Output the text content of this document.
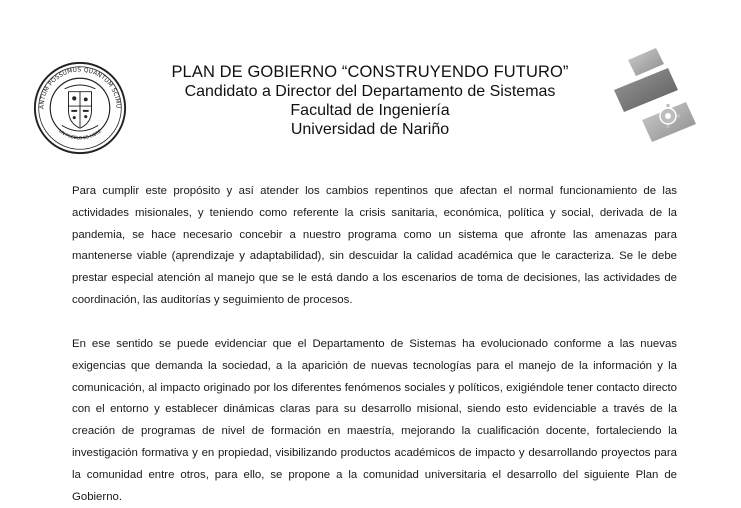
ANTUM POSSUMUS QUANTUM SCIMU
UN PUEBLO ES LIBRE
PLAN DE GOBIERNO “CONSTRUYENDO FUTURO”
Candidato a Director del Departamento de Sistemas
Facultad de Ingeniería
Universidad de Nariño
Para cumplir este propósito y así atender los cambios repentinos que afectan el normal funcionamiento de las actividades misionales, y teniendo como referente la crisis sanitaria, económica, política y social, derivada de la pandemia, se hace necesario concebir a nuestro programa como un sistema que afronte las amenazas para mantenerse viable (aprendizaje y adaptabilidad), sin descuidar la calidad académica que le caracteriza. Se le debe prestar especial atención al manejo que se le está dando a los escenarios de toma de decisiones, las actividades de coordinación, las auditorías y seguimiento de procesos.
En ese sentido se puede evidenciar que el Departamento de Sistemas ha evolucionado conforme a las nuevas exigencias que demanda la sociedad, a la aparición de nuevas tecnologías para el manejo de la información y la comunicación, al impacto originado por los diferentes fenómenos sociales y políticos, exigiéndole tener contacto directo con el entorno y establecer dinámicas claras para su desarrollo misional, siendo esto evidenciable a través de la creación de programas de nivel de formación en maestría, mejorando la cualificación docente, fortaleciendo la investigación formativa y en propiedad, visibilizando productos académicos de impacto y desarrollando proyectos para la comunidad entre otros, para ello, se propone a la comunidad universitaria el desarrollo del siguiente Plan de Gobierno.
